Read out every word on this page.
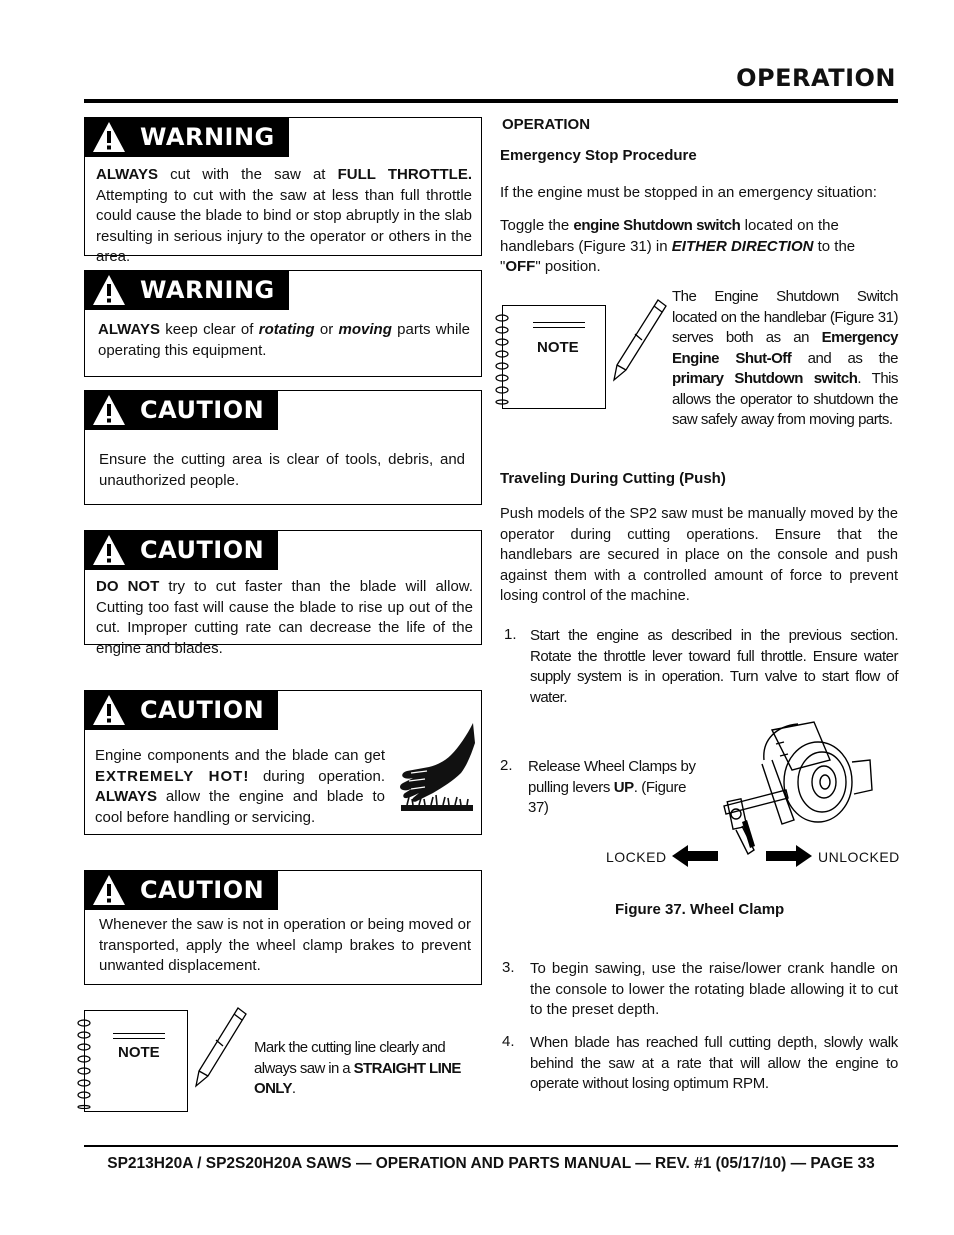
OPERATION
WARNING
ALWAYS cut with the saw at FULL THROTTLE. Attempting to cut with the saw at less than full throttle could cause the blade to bind or stop abruptly in the slab resulting in serious injury to the operator or others in the area.
WARNING
ALWAYS keep clear of rotating or moving parts while operating this equipment.
CAUTION
Ensure the cutting area is clear of tools, debris, and unauthorized people.
CAUTION
DO NOT try to cut faster than the blade will allow. Cutting too fast will cause the blade to rise up out of the cut. Improper cutting rate can decrease the life of the engine and blades.
CAUTION
Engine components and the blade can get EXTREMELY HOT! during operation. ALWAYS allow the engine and blade to cool before handling or servicing.
CAUTION
Whenever the saw is not in operation or being moved or transported, apply the wheel clamp brakes to prevent unwanted displacement.
NOTE	Mark the cutting line clearly and always saw in a STRAIGHT LINE ONLY.
OPERATION
Emergency Stop Procedure
If the engine must be stopped in an emergency situation:
Toggle the engine Shutdown switch located on the handlebars (Figure 31) in EITHER DIRECTION to the "OFF" position.
NOTE
The Engine Shutdown Switch located on the handlebar (Figure 31) serves both as an Emergency Engine Shut-Off and as the primary Shutdown switch. This allows the operator to shutdown the saw safely away from moving parts.
Traveling During Cutting (Push)
Push models of the SP2 saw must be manually moved by the operator during cutting operations. Ensure that the handlebars are secured in place on the console and push against them with a controlled amount of force to prevent losing control of the machine.
1. Start the engine as described in the previous section. Rotate the throttle lever toward full throttle. Ensure water supply system is in operation. Turn valve to start flow of water.
2. Release Wheel Clamps by pulling levers UP. (Figure 37)
LOCKED	UNLOCKED
Figure 37. Wheel Clamp
3. To begin sawing, use the raise/lower crank handle on the console to lower the rotating blade allowing it to cut to the preset depth.
4. When blade has reached full cutting depth, slowly walk behind the saw at a rate that will allow the engine to operate without losing optimum RPM.
SP213H20A / SP2S20H20A SAWS — OPERATION AND PARTS MANUAL — REV. #1 (05/17/10) — PAGE 33
